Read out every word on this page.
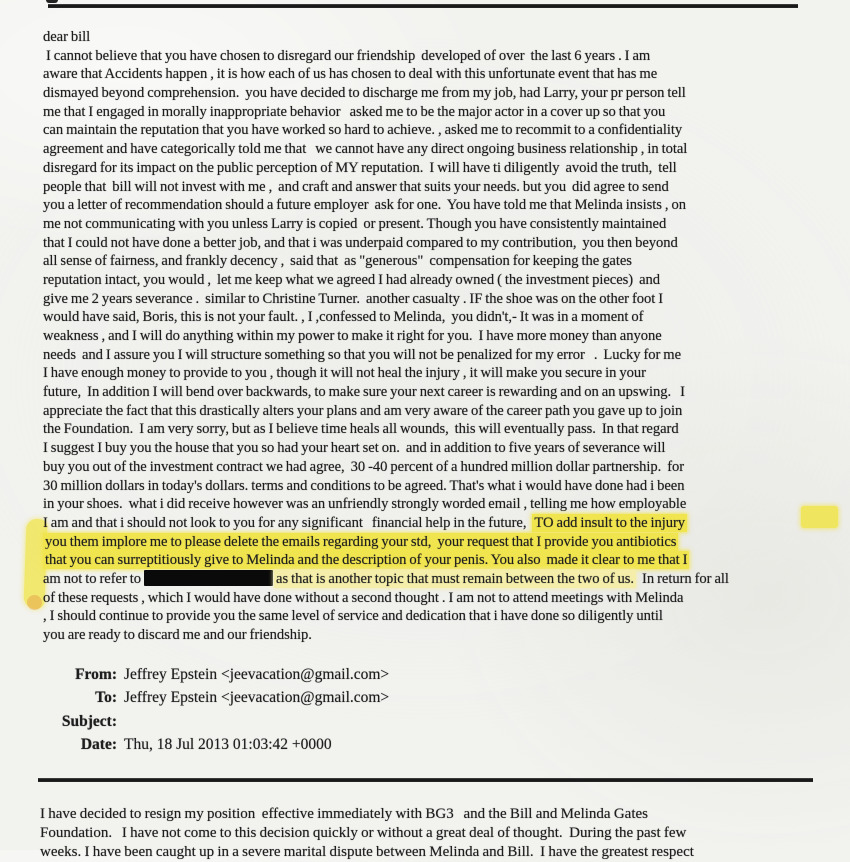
dear bill
I cannot believe that you have chosen to disregard our friendship  developed of over  the last 6 years . I am
aware that Accidents happen , it is how each of us has chosen to deal with this unfortunate event that has me
dismayed beyond comprehension.  you have decided to discharge me from my job, had Larry, your pr person tell
me that I engaged in morally inappropriate behavior   asked me to be the major actor in a cover up so that you
can maintain the reputation that you have worked so hard to achieve. , asked me to recommit to a confidentiality
agreement and have categorically told me that   we cannot have any direct ongoing business relationship , in total
disregard for its impact on the public perception of MY reputation.  I will have ti diligently  avoid the truth,  tell
people that  bill will not invest with me ,  and craft and answer that suits your needs. but you  did agree to send
you a letter of recommendation should a future employer  ask for one.  You have told me that Melinda insists , on
me not communicating with you unless Larry is copied  or present. Though you have consistently maintained
that I could not have done a better job, and that i was underpaid compared to my contribution,  you then beyond
all sense of fairness, and frankly decency ,  said that  as "generous"  compensation for keeping the gates
reputation intact, you would ,  let me keep what we agreed I had already owned ( the investment pieces)  and
give me 2 years severance .  similar to Christine Turner.  another casualty . IF the shoe was on the other foot I
would have said, Boris, this is not your fault. , I ,confessed to Melinda,  you didn't,- It was in a moment of
weakness , and I will do anything within my power to make it right for you.  I have more money than anyone
needs  and I assure you I will structure something so that you will not be penalized for my error   .  Lucky for me
I have enough money to provide to you , though it will not heal the injury , it will make you secure in your
future,  In addition I will bend over backwards, to make sure your next career is rewarding and on an upswing.   I
appreciate the fact that this drastically alters your plans and am very aware of the career path you gave up to join
the Foundation.  I am very sorry, but as I believe time heals all wounds,  this will eventually pass.  In that regard
I suggest I buy you the house that you so had your heart set on.  and in addition to five years of severance will
buy you out of the investment contract we had agree,  30 -40 percent of a hundred million dollar partnership.  for
30 million dollars in today's dollars. terms and conditions to be agreed. That's what i would have done had i been
in your shoes.  what i did receive however was an unfriendly strongly worded email , telling me how employable
I am and that i should not look to you for any significant   financial help in the future,  TO add insult to the injury
you them implore me to please delete the emails regarding your std,  your request that I provide you antibiotics
that you can surreptitiously give to Melinda and the description of your penis. You also  made it clear to me that I
am not to refer to	as that is another topic that must remain between the two of us.  In return for all
of these requests , which I would have done without a second thought . I am not to attend meetings with Melinda
, I should continue to provide you the same level of service and dedication that i have done so diligently until
you are ready to discard me and our friendship.
From: Jeffrey Epstein <jeevacation@gmail.com>
To: Jeffrey Epstein <jeevacation@gmail.com>
Subject:
Date: Thu, 18 Jul 2013 01:03:42 +0000
I have decided to resign my position  effective immediately with BG3   and the Bill and Melinda Gates
Foundation.   I have not come to this decision quickly or without a great deal of thought.  During the past few
weeks. I have been caught up in a severe marital dispute between Melinda and Bill.  I have the greatest respect
